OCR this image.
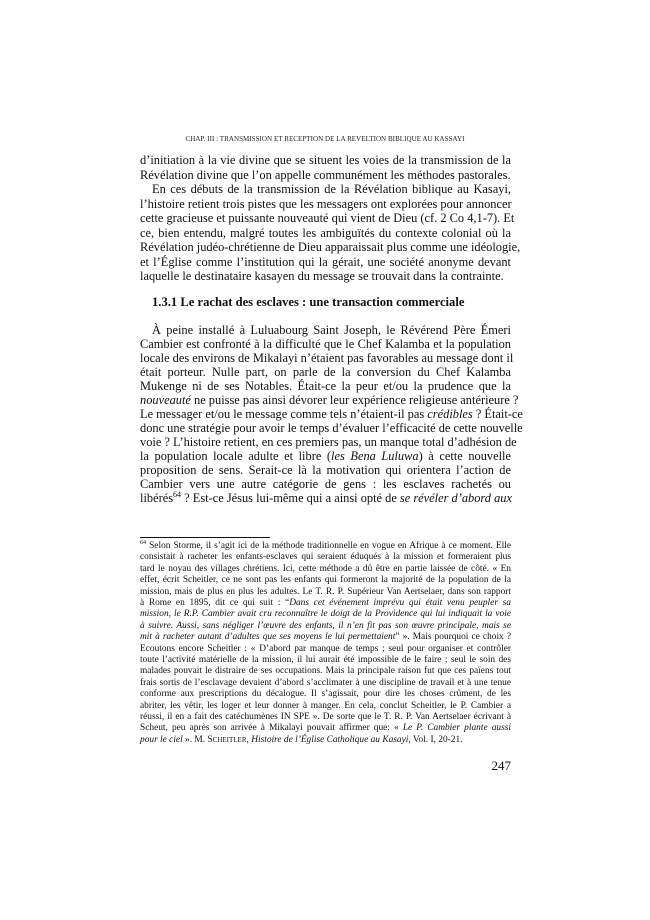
CHAP. III : TRANSMISSION ET RECEPTION DE LA REVELTION BIBLIQUE AU KASSAYI
d’initiation à la vie divine que se situent les voies de la transmission de la
Révélation divine que l’on appelle communément les méthodes pastorales.
En ces débuts de la transmission de la Révélation biblique au Kasayi,
l’histoire retient trois pistes que les messagers ont explorées pour annoncer
cette gracieuse et puissante nouveauté qui vient de Dieu (cf. 2 Co 4,1-7). Et
ce, bien entendu, malgré toutes les ambiguïtés du contexte colonial où la
Révélation judéo-chrétienne de Dieu apparaissait plus comme une idéologie,
et l’Église comme l’institution qui la gérait, une société anonyme devant
laquelle le destinataire kasayen du message se trouvait dans la contrainte.
À peine installé à Luluabourg Saint Joseph, le Révérend Père Émeri
Cambier est confronté à la difficulté que le Chef Kalamba et la population
locale des environs de Mikalayi n’étaient pas favorables au message dont il
était porteur. Nulle part, on parle de la conversion du Chef Kalamba
Mukenge ni de ses Notables. Était-ce la peur et/ou la prudence que la
nouveauté ne puisse pas ainsi dévorer leur expérience religieuse antérieure ?
Le messager et/ou le message comme tels n’étaient-il pas crédibles ? Était-ce
donc une stratégie pour avoir le temps d’évaluer l’efficacité de cette nouvelle
voie ? L’histoire retient, en ces premiers pas, un manque total d’adhésion de
la population locale adulte et libre (les Bena Luluwa) à cette nouvelle
proposition de sens. Serait-ce là la motivation qui orientera l’action de
Cambier vers une autre catégorie de gens : les esclaves rachetés ou
libérés$^{64}$ ? Est-ce Jésus lui-même qui a ainsi opté de se révéler d’abord aux
1.3.1 Le rachat des esclaves : une transaction commerciale
$^{64}$ Selon Storme, il s’agit ici de la méthode traditionnelle en vogue en Afrique à ce moment. Elle
consistait à racheter les enfants-esclaves qui seraient éduqués à la mission et formeraient plus
tard le noyau des villages chrétiens. Ici, cette méthode a dû être en partie laissée de côté. « En
effet, écrit Scheitler, ce ne sont pas les enfants qui formeront la majorité de la population de la
mission, mais de plus en plus les adultes. Le T. R. P. Supérieur Van Aertselaer, dans son rapport
à Rome en 1895, dit ce qui suit : “Dans cet événement imprévu qui était venu peupler sa
mission, le R.P. Cambier avait cru reconnaître le doigt de la Providence qui lui indiquait la voie
à suivre. Aussi, sans négliger l’œuvre des enfants, il n’en fit pas son œuvre principale, mais se
mit à racheter autant d’adultes que ses moyens le lui permettaient” ». Mais pourquoi ce choix ?
Ecoutons encore Scheitler : « D’abord par manque de temps ; seul pour organiser et contrôler
toute l’activité matérielle de la mission, il lui aurait été impossible de le faire ; seul le soin des
malades pouvait le distraire de ses occupations. Mais la principale raison fut que ces païens tout
frais sortis de l’esclavage devaient d’abord s’acclimater à une discipline de travail et à une tenue
conforme aux prescriptions du décalogue. Il s’agissait, pour dire les choses crûment, de les
abriter, les vêtir, les loger et leur donner à manger. En cela, conclut Scheitler, le P. Cambier a
réussi, il en a fait des catéchumènes IN SPE ». De sorte que le T. R. P. Van Aertselaer écrivant à
Scheut, peu après son arrivée à Mikalayi pouvait affirmer que: « Le P. Cambier plante aussi
pour le ciel ». M. Scheitler, Histoire de l’Église Catholique au Kasayi, Vol. I, 20-21.
247
